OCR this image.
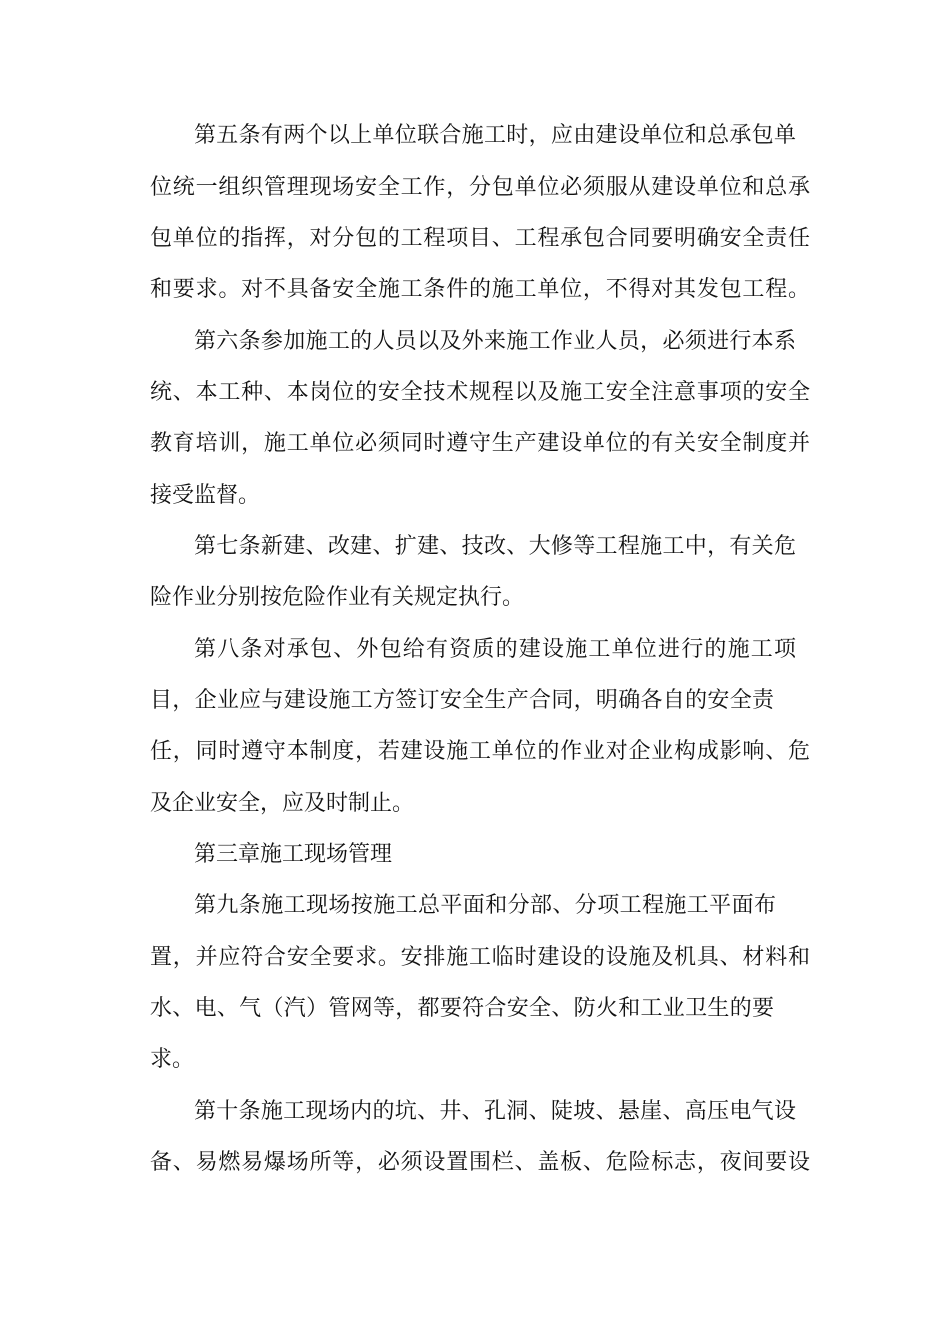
第五条有两个以上单位联合施工时，应由建设单位和总承包单
位统一组织管理现场安全工作，分包单位必须服从建设单位和总承
包单位的指挥，对分包的工程项目、工程承包合同要明确安全责任
和要求。对不具备安全施工条件的施工单位，不得对其发包工程。
第六条参加施工的人员以及外来施工作业人员，必须进行本系
统、本工种、本岗位的安全技术规程以及施工安全注意事项的安全
教育培训，施工单位必须同时遵守生产建设单位的有关安全制度并
接受监督。
第七条新建、改建、扩建、技改、大修等工程施工中，有关危
险作业分别按危险作业有关规定执行。
第八条对承包、外包给有资质的建设施工单位进行的施工项
目，企业应与建设施工方签订安全生产合同，明确各自的安全责
任，同时遵守本制度，若建设施工单位的作业对企业构成影响、危
及企业安全，应及时制止。
第三章施工现场管理
第九条施工现场按施工总平面和分部、分项工程施工平面布
置，并应符合安全要求。安排施工临时建设的设施及机具、材料和
水、电、气（汽）管网等，都要符合安全、防火和工业卫生的要
求。
第十条施工现场内的坑、井、孔洞、陡坡、悬崖、高压电气设
备、易燃易爆场所等，必须设置围栏、盖板、危险标志，夜间要设
